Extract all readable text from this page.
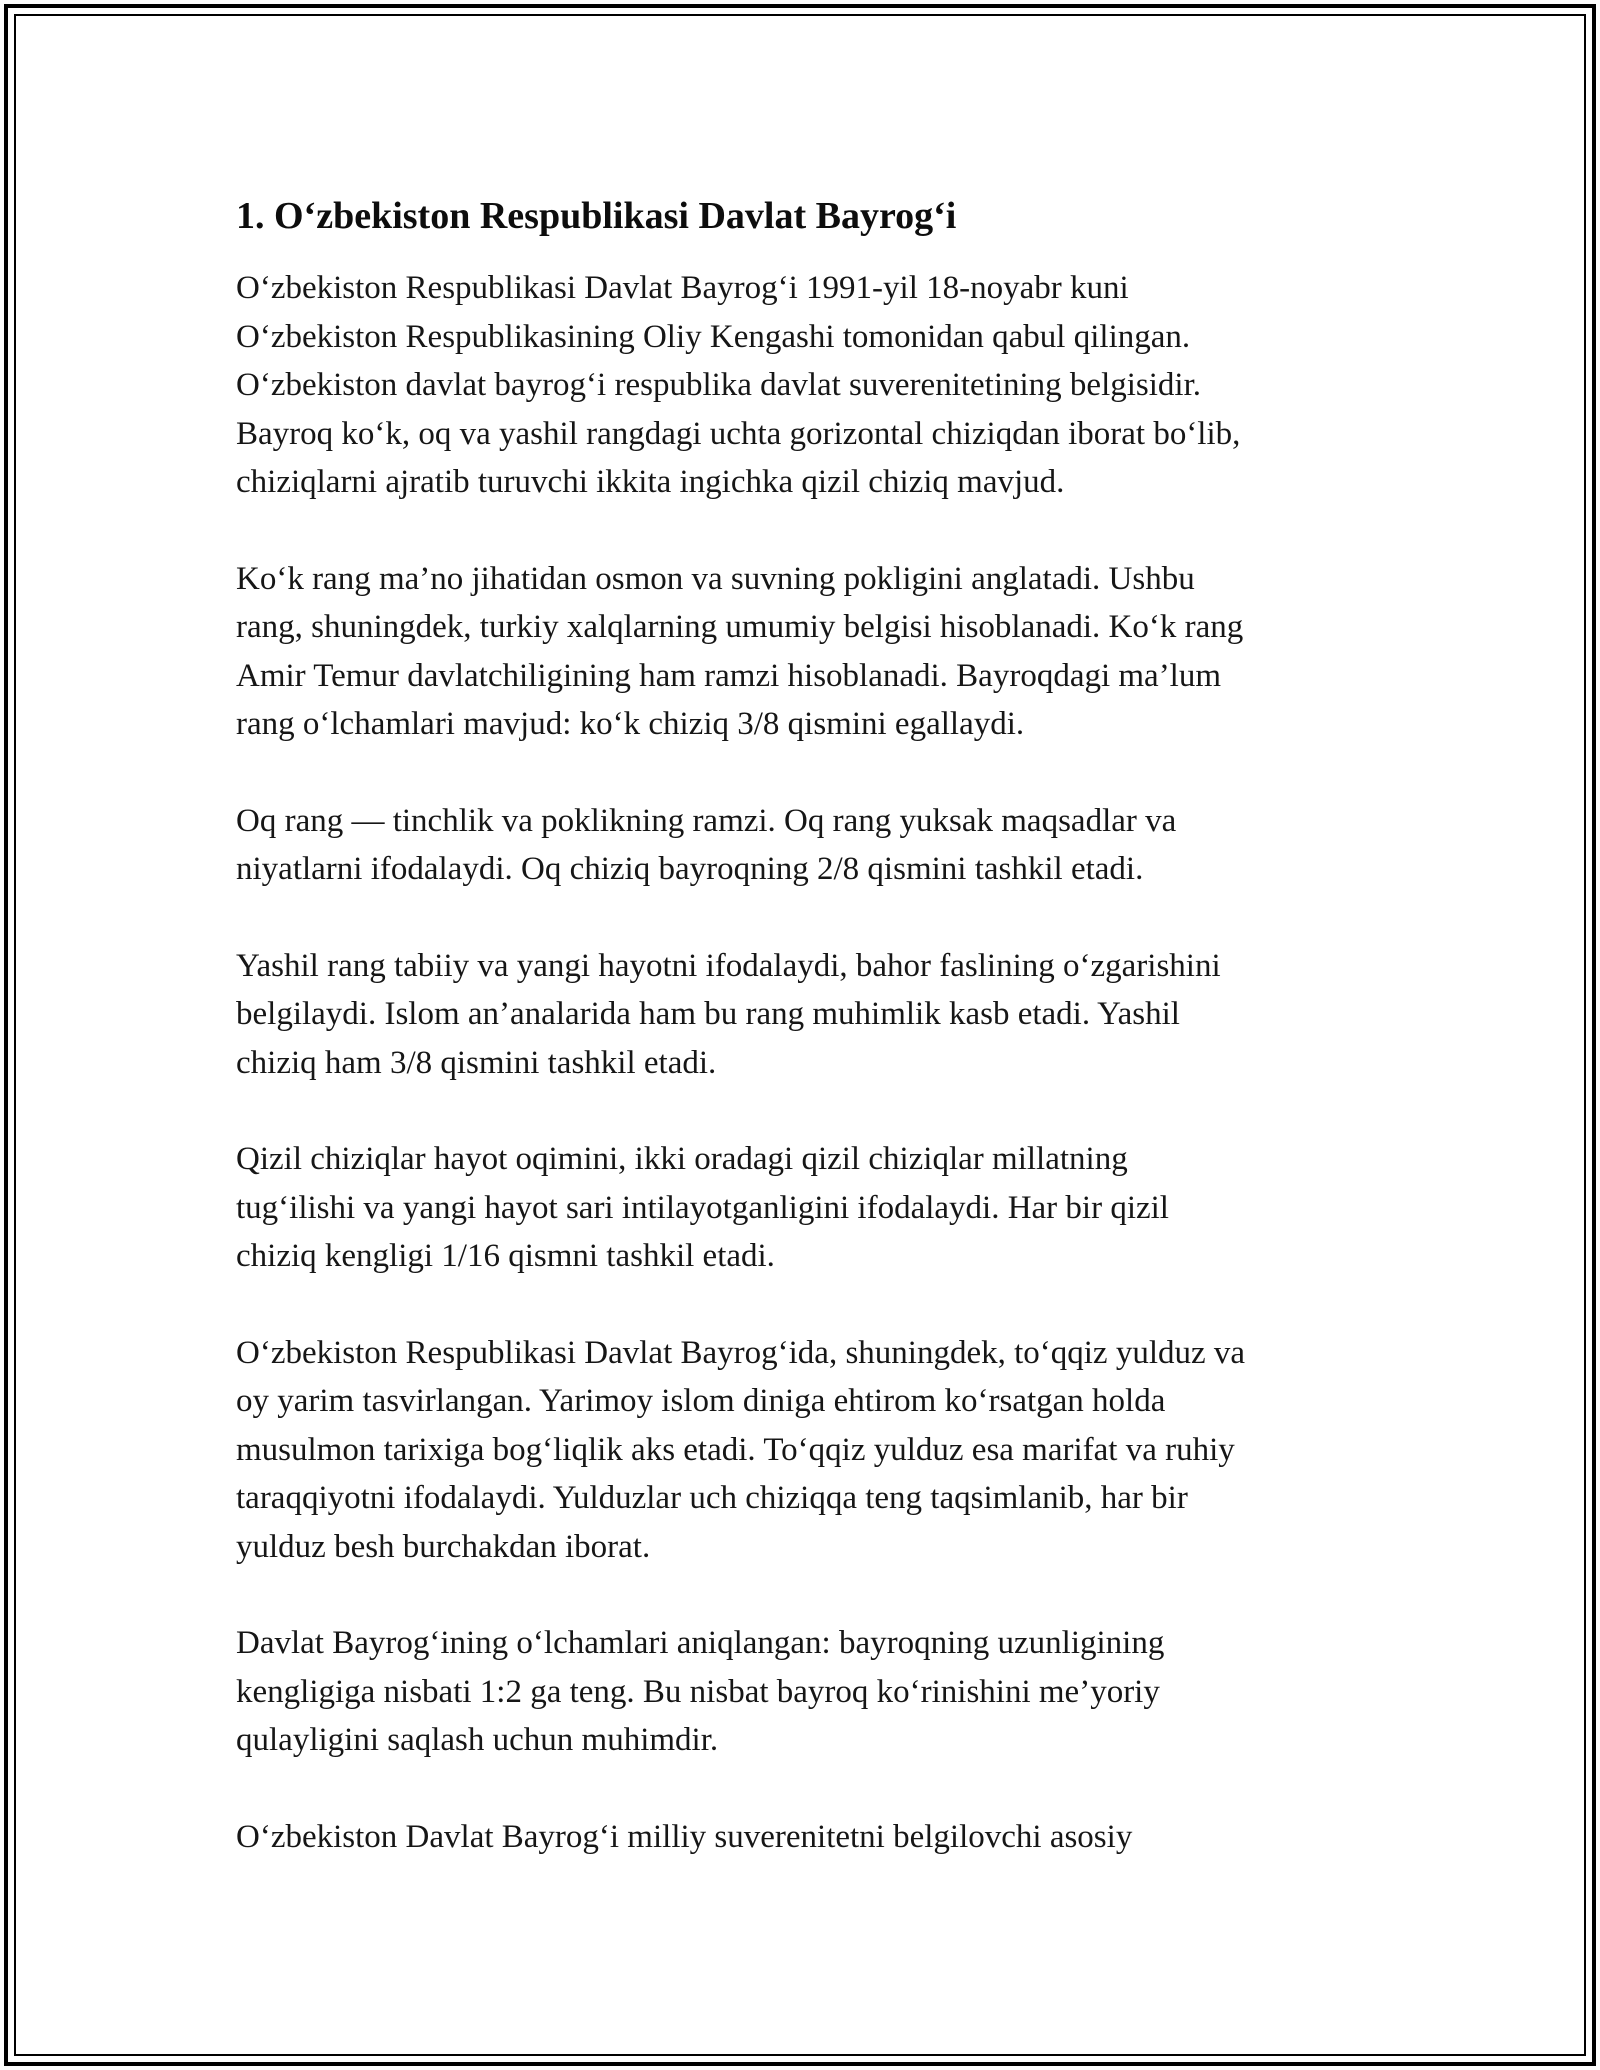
1. O‘zbekiston Respublikasi Davlat Bayrog‘i

O‘zbekiston Respublikasi Davlat Bayrog‘i 1991-yil 18-noyabr kuni
O‘zbekiston Respublikasining Oliy Kengashi tomonidan qabul qilingan.
O‘zbekiston davlat bayrog‘i respublika davlat suverenitetining belgisidir.
Bayroq ko‘k, oq va yashil rangdagi uchta gorizontal chiziqdan iborat bo‘lib,
chiziqlarni ajratib turuvchi ikkita ingichka qizil chiziq mavjud.

Ko‘k rang ma’no jihatidan osmon va suvning pokligini anglatadi. Ushbu
rang, shuningdek, turkiy xalqlarning umumiy belgisi hisoblanadi. Ko‘k rang
Amir Temur davlatchiligining ham ramzi hisoblanadi. Bayroqdagi ma’lum
rang o‘lchamlari mavjud: ko‘k chiziq 3/8 qismini egallaydi.

Oq rang — tinchlik va poklikning ramzi. Oq rang yuksak maqsadlar va
niyatlarni ifodalaydi. Oq chiziq bayroqning 2/8 qismini tashkil etadi.

Yashil rang tabiiy va yangi hayotni ifodalaydi, bahor faslining o‘zgarishini
belgilaydi. Islom an’analarida ham bu rang muhimlik kasb etadi. Yashil
chiziq ham 3/8 qismini tashkil etadi.

Qizil chiziqlar hayot oqimini, ikki oradagi qizil chiziqlar millatning
tug‘ilishi va yangi hayot sari intilayotganligini ifodalaydi. Har bir qizil
chiziq kengligi 1/16 qismni tashkil etadi.

O‘zbekiston Respublikasi Davlat Bayrog‘ida, shuningdek, to‘qqiz yulduz va
oy yarim tasvirlangan. Yarimoy islom diniga ehtirom ko‘rsatgan holda
musulmon tarixiga bog‘liqlik aks etadi. To‘qqiz yulduz esa marifat va ruhiy
taraqqiyotni ifodalaydi. Yulduzlar uch chiziqqa teng taqsimlanib, har bir
yulduz besh burchakdan iborat.

Davlat Bayrog‘ining o‘lchamlari aniqlangan: bayroqning uzunligining
kengligiga nisbati 1:2 ga teng. Bu nisbat bayroq ko‘rinishini me’yoriy
qulayligini saqlash uchun muhimdir.

O‘zbekiston Davlat Bayrog‘i milliy suverenitetni belgilovchi asosiy
